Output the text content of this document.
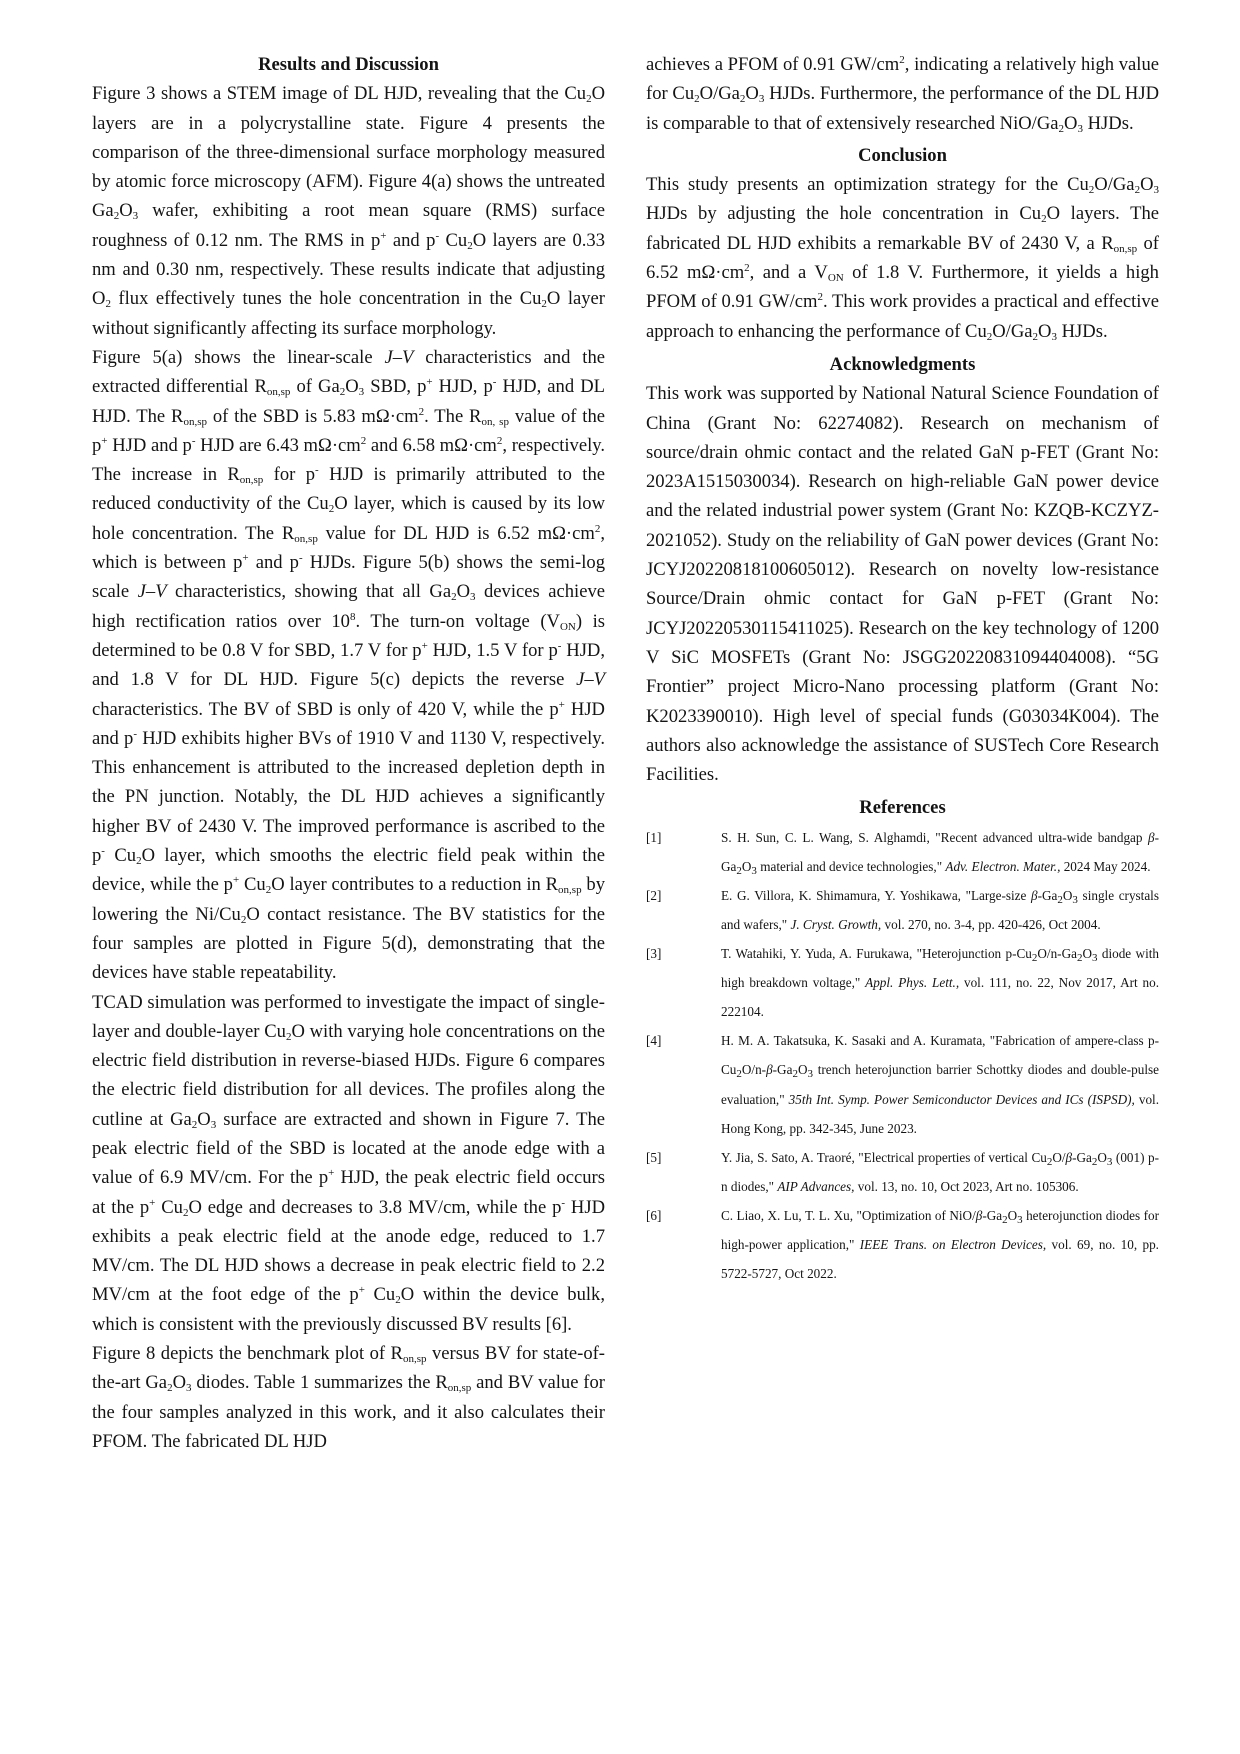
Results and Discussion

Figure 3 shows a STEM image of DL HJD, revealing that the $Cu_2O$ layers are in a polycrystalline state. Figure 4 presents the comparison of the three-dimensional surface morphology measured by atomic force microscopy (AFM). Figure 4(a) shows the untreated $Ga_2O_3$ wafer, exhibiting a root mean square (RMS) surface roughness of 0.12 nm. The RMS in p+ and p- $Cu_2O$ layers are 0.33 nm and 0.30 nm, respectively. These results indicate that adjusting $O_2$ flux effectively tunes the hole concentration in the $Cu_2O$ layer without significantly affecting its surface morphology.

Figure 5(a) shows the linear-scale J–V characteristics and the extracted differential $R_{on,sp}$ of $Ga_2O_3$ SBD, p+ HJD, p- HJD, and DL HJD. The $R_{on,sp}$ of the SBD is 5.83 $m\Omega\cdot cm^2$. The $R_{on, sp}$ value of the p+ HJD and p- HJD are 6.43 $m\Omega\cdot cm^2$ and 6.58 $m\Omega\cdot cm^2$, respectively. The increase in $R_{on,sp}$ for p- HJD is primarily attributed to the reduced conductivity of the $Cu_2O$ layer, which is caused by its low hole concentration. The $R_{on,sp}$ value for DL HJD is 6.52 $m\Omega\cdot cm^2$, which is between p+ and p- HJDs. Figure 5(b) shows the semi-log scale J–V characteristics, showing that all $Ga_2O_3$ devices achieve high rectification ratios over $10^8$. The turn-on voltage $(V_{ON})$ is determined to be 0.8 V for SBD, 1.7 V for p+ HJD, 1.5 V for p- HJD, and 1.8 V for DL HJD. Figure 5(c) depicts the reverse J–V characteristics. The BV of SBD is only of 420 V, while the p+ HJD and p- HJD exhibits higher BVs of 1910 V and 1130 V, respectively. This enhancement is attributed to the increased depletion depth in the PN junction. Notably, the DL HJD achieves a significantly higher BV of 2430 V. The improved performance is ascribed to the p- $Cu_2O$ layer, which smooths the electric field peak within the device, while the p+ $Cu_2O$ layer contributes to a reduction in $R_{on,sp}$ by lowering the $Ni/Cu_2O$ contact resistance. The BV statistics for the four samples are plotted in Figure 5(d), demonstrating that the devices have stable repeatability.

TCAD simulation was performed to investigate the impact of single-layer and double-layer $Cu_2O$ with varying hole concentrations on the electric field distribution in reverse-biased HJDs. Figure 6 compares the electric field distribution for all devices. The profiles along the cutline at $Ga_2O_3$ surface are extracted and shown in Figure 7. The peak electric field of the SBD is located at the anode edge with a value of 6.9 MV/cm. For the p+ HJD, the peak electric field occurs at the p+ $Cu_2O$ edge and decreases to 3.8 MV/cm, while the p- HJD exhibits a peak electric field at the anode edge, reduced to 1.7 MV/cm. The DL HJD shows a decrease in peak electric field to 2.2 MV/cm at the foot edge of the p+ $Cu_2O$ within the device bulk, which is consistent with the previously discussed BV results [6].

Figure 8 depicts the benchmark plot of $R_{on,sp}$ versus BV for state-of-the-art $Ga_2O_3$ diodes. Table 1 summarizes the $R_{on,sp}$ and BV value for the four samples analyzed in this work, and it also calculates their PFOM. The fabricated DL HJD

achieves a PFOM of 0.91 $GW/cm^2$, indicating a relatively high value for $Cu_2O/Ga_2O_3$ HJDs. Furthermore, the performance of the DL HJD is comparable to that of extensively researched NiO/$Ga_2O_3$ HJDs.

Conclusion

This study presents an optimization strategy for the $Cu_2O/Ga_2O_3$ HJDs by adjusting the hole concentration in $Cu_2O$ layers. The fabricated DL HJD exhibits a remarkable BV of 2430 V, a $R_{on,sp}$ of 6.52 $m\Omega\cdot cm^2$, and a $V_{ON}$ of 1.8 V. Furthermore, it yields a high PFOM of 0.91 $GW/cm^2$. This work provides a practical and effective approach to enhancing the performance of $Cu_2O/Ga_2O_3$ HJDs.

Acknowledgments

This work was supported by National Natural Science Foundation of China (Grant No: 62274082). Research on mechanism of source/drain ohmic contact and the related GaN p-FET (Grant No: 2023A1515030034). Research on high-reliable GaN power device and the related industrial power system (Grant No: KZQB-KCZYZ-2021052). Study on the reliability of GaN power devices (Grant No: JCYJ20220818100605012). Research on novelty low-resistance Source/Drain ohmic contact for GaN p-FET (Grant No: JCYJ20220530115411025). Research on the key technology of 1200 V SiC MOSFETs (Grant No: JSGG20220831094404008). “5G Frontier” project Micro-Nano processing platform (Grant No: K2023390010). High level of special funds (G03034K004). The authors also acknowledge the assistance of SUSTech Core Research Facilities.

References
[1]	S. H. Sun, C. L. Wang, S. Alghamdi, "Recent advanced ultra-wide bandgap $\beta-Ga_2O_3$ material and device technologies," Adv. Electron. Mater., 2024 May 2024.
[2]	E. G. Villora, K. Shimamura, Y. Yoshikawa, "Large-size $\beta-Ga_2O_3$ single crystals and wafers," J. Cryst. Growth, vol. 270, no. 3-4, pp. 420-426, Oct 2004.
[3]	T. Watahiki, Y. Yuda, A. Furukawa, "Heterojunction $p-Cu_2O/n-Ga_2O_3$ diode with high breakdown voltage," Appl. Phys. Lett., vol. 111, no. 22, Nov 2017, Art no. 222104.
[4]	H. M. A. Takatsuka, K. Sasaki and A. Kuramata, "Fabrication of ampere-class $p-Cu_2O/n-\beta-Ga_2O_3$ trench heterojunction barrier Schottky diodes and double-pulse evaluation," 35th Int. Symp. Power Semiconductor Devices and ICs (ISPSD), vol. Hong Kong, pp. 342-345, June 2023.
[5]	Y. Jia, S. Sato, A. Traoré, "Electrical properties of vertical $Cu_2O/\beta-Ga_2O_3$ (001) p-n diodes," AIP Advances, vol. 13, no. 10, Oct 2023, Art no. 105306.
[6]	C. Liao, X. Lu, T. L. Xu, "Optimization of NiO/$\beta-Ga_2O_3$ heterojunction diodes for high-power application," IEEE Trans. on Electron Devices, vol. 69, no. 10, pp. 5722-5727, Oct 2022.
